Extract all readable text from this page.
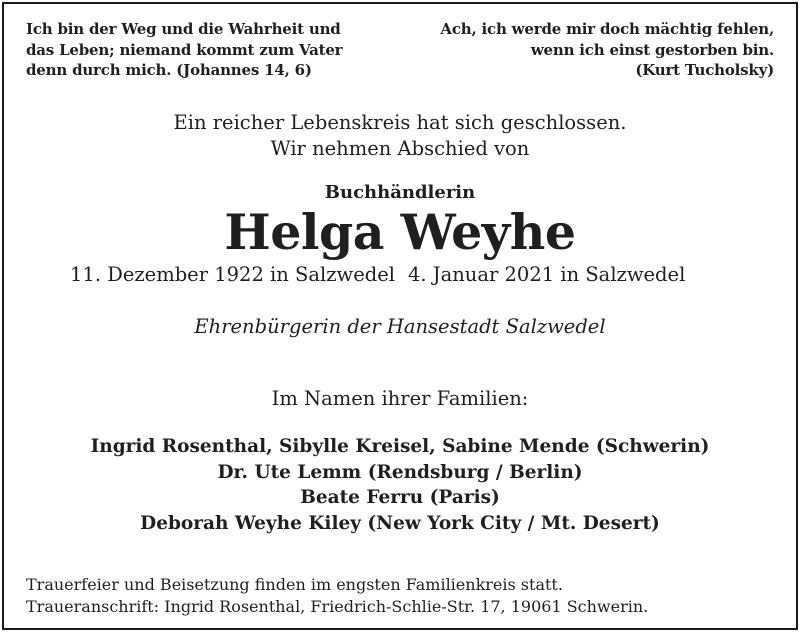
Ich bin der Weg und die Wahrheit und
das Leben; niemand kommt zum Vater
denn durch mich. (Johannes 14, 6)
Ach, ich werde mir doch mächtig fehlen,
wenn ich einst gestorben bin.
(Kurt Tucholsky)
Ein reicher Lebenskreis hat sich geschlossen.
Wir nehmen Abschied von
Buchhändlerin
Helga Weyhe
11. Dezember 1922 in Salzwedel 4. Januar 2021 in Salzwedel
Ehrenbürgerin der Hansestadt Salzwedel
Im Namen ihrer Familien:
Ingrid Rosenthal, Sibylle Kreisel, Sabine Mende (Schwerin)
Dr. Ute Lemm (Rendsburg / Berlin)
Beate Ferru (Paris)
Deborah Weyhe Kiley (New York City / Mt. Desert)
Trauerfeier und Beisetzung finden im engsten Familienkreis statt.
Traueranschrift: Ingrid Rosenthal, Friedrich-Schlie-Str. 17, 19061 Schwerin.
